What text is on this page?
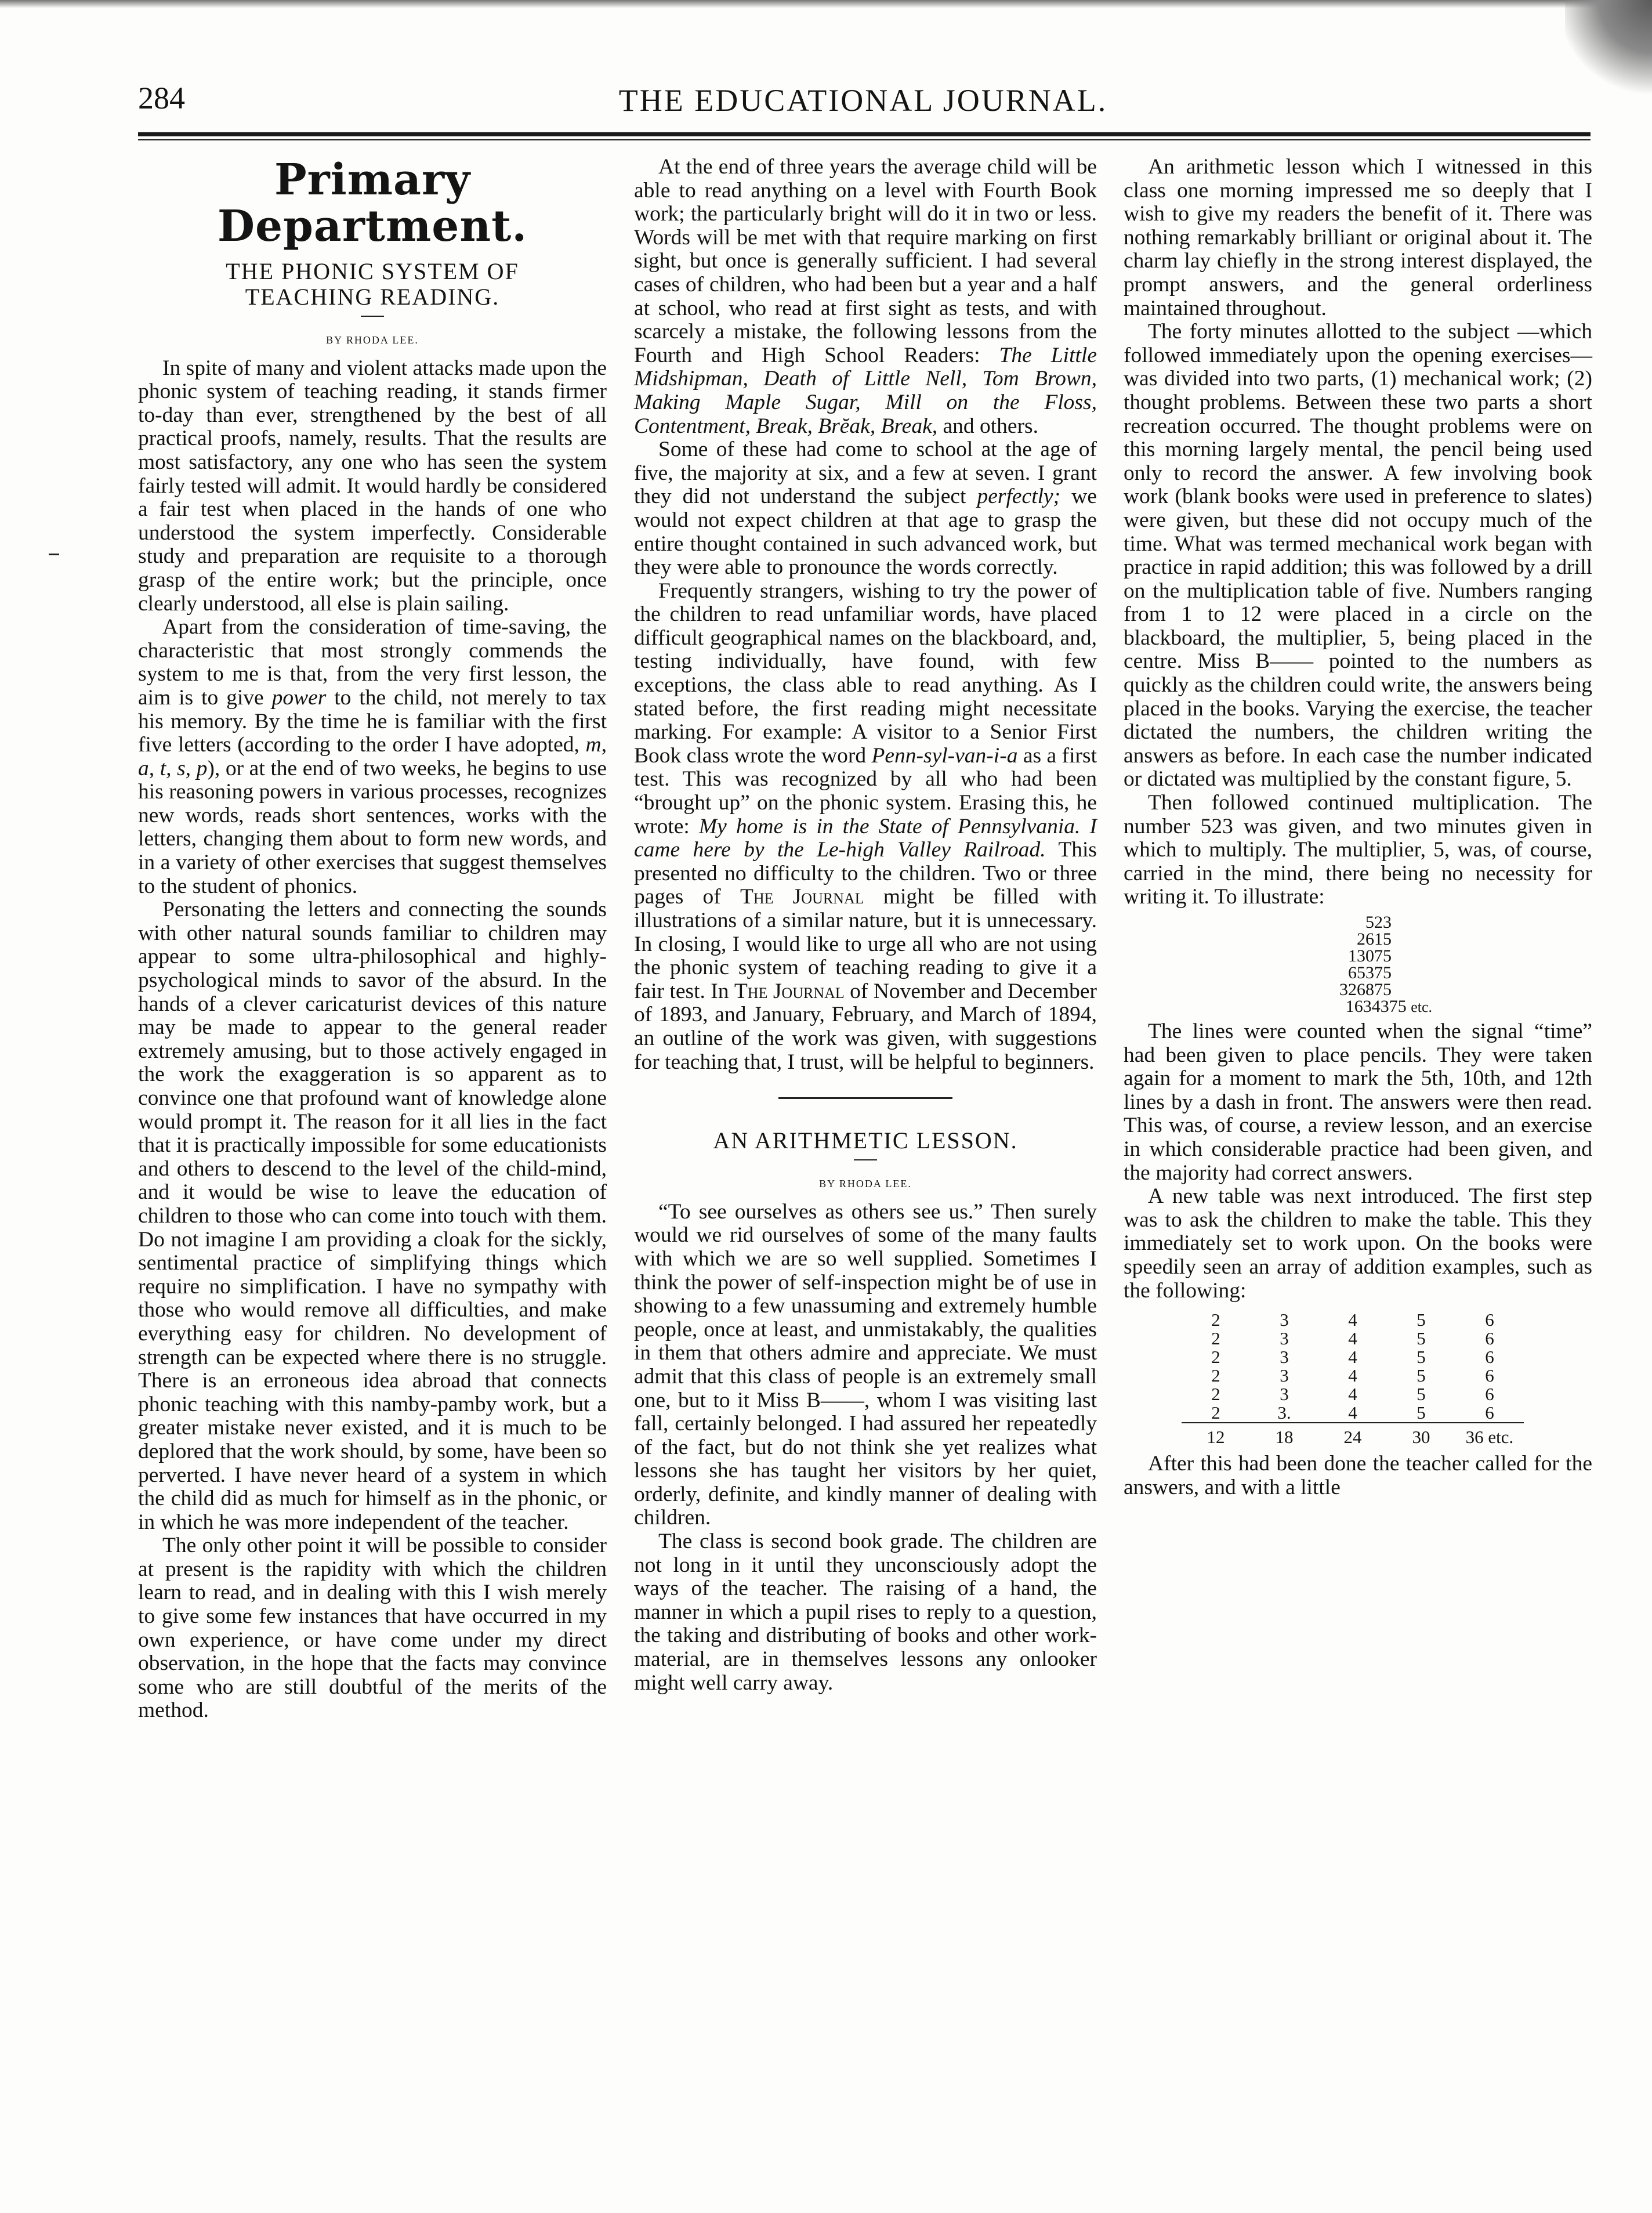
284	THE EDUCATIONAL JOURNAL.
Primary Department.
THE PHONIC SYSTEM OF
TEACHING READING.
BY RHODA LEE.

In spite of many and violent attacks made upon the phonic system of teaching reading, it stands firmer to-day than ever, strengthened by the best of all practical proofs, namely, results. That the results are most satisfactory, any one who has seen the system fairly tested will admit. It would hardly be considered a fair test when placed in the hands of one who understood the system imperfectly. Considerable study and preparation are requisite to a thorough grasp of the entire work; but the principle, once clearly understood, all else is plain sailing.

Apart from the consideration of time-saving, the characteristic that most strongly commends the system to me is that, from the very first lesson, the aim is to give power to the child, not merely to tax his memory. By the time he is familiar with the first five letters (according to the order I have adopted, m, a, t, s, p), or at the end of two weeks, he begins to use his reasoning powers in various processes, recognizes new words, reads short sentences, works with the letters, changing them about to form new words, and in a variety of other exercises that suggest themselves to the student of phonics.

Personating the letters and connecting the sounds with other natural sounds familiar to children may appear to some ultra-philosophical and highly-psychological minds to savor of the absurd. In the hands of a clever caricaturist devices of this nature may be made to appear to the general reader extremely amusing, but to those actively engaged in the work the exaggeration is so apparent as to convince one that profound want of knowledge alone would prompt it. The reason for it all lies in the fact that it is practically impossible for some educationists and others to descend to the level of the child-mind, and it would be wise to leave the education of children to those who can come into touch with them. Do not imagine I am providing a cloak for the sickly, sentimental practice of simplifying things which require no simplification. I have no sympathy with those who would remove all difficulties, and make everything easy for children. No development of strength can be expected where there is no struggle. There is an erroneous idea abroad that connects phonic teaching with this namby-pamby work, but a greater mistake never existed, and it is much to be deplored that the work should, by some, have been so perverted. I have never heard of a system in which the child did as much for himself as in the phonic, or in which he was more independent of the teacher.

The only other point it will be possible to consider at present is the rapidity with which the children learn to read, and in dealing with this I wish merely to give some few instances that have occurred in my own experience, or have come under my direct observation, in the hope that the facts may convince some who are still doubtful of the merits of the method.

At the end of three years the average child will be able to read anything on a level with Fourth Book work; the particularly bright will do it in two or less. Words will be met with that require marking on first sight, but once is generally sufficient. I had several cases of children, who had been but a year and a half at school, who read at first sight as tests, and with scarcely a mistake, the following lessons from the Fourth and High School Readers: The Little Midshipman, Death of Little Nell, Tom Brown, Making Maple Sugar, Mill on the Floss, Contentment, Break, Brĕak, Break, and others.

Some of these had come to school at the age of five, the majority at six, and a few at seven. I grant they did not understand the subject perfectly; we would not expect children at that age to grasp the entire thought contained in such advanced work, but they were able to pronounce the words correctly.

Frequently strangers, wishing to try the power of the children to read unfamiliar words, have placed difficult geographical names on the blackboard, and, testing individually, have found, with few exceptions, the class able to read anything. As I stated before, the first reading might necessitate marking. For example: A visitor to a Senior First Book class wrote the word Penn-syl-van-i-a as a first test. This was recognized by all who had been “brought up” on the phonic system. Erasing this, he wrote: My home is in the State of Pennsylvania. I came here by the Le-high Valley Railroad. This presented no difficulty to the children. Two or three pages of The Journal might be filled with illustrations of a similar nature, but it is unnecessary. In closing, I would like to urge all who are not using the phonic system of teaching reading to give it a fair test. In The Journal of November and December of 1893, and January, February, and March of 1894, an outline of the work was given, with suggestions for teaching that, I trust, will be helpful to beginners.

AN ARITHMETIC LESSON.
BY RHODA LEE.

“To see ourselves as others see us.” Then surely would we rid ourselves of some of the many faults with which we are so well supplied. Sometimes I think the power of self-inspection might be of use in showing to a few unassuming and extremely humble people, once at least, and unmistakably, the qualities in them that others admire and appreciate. We must admit that this class of people is an extremely small one, but to it Miss B——, whom I was visiting last fall, certainly belonged. I had assured her repeatedly of the fact, but do not think she yet realizes what lessons she has taught her visitors by her quiet, orderly, definite, and kindly manner of dealing with children.

The class is second book grade. The children are not long in it until they unconsciously adopt the ways of the teacher. The raising of a hand, the manner in which a pupil rises to reply to a question, the taking and distributing of books and other work-material, are in themselves lessons any onlooker might well carry away.

An arithmetic lesson which I witnessed in this class one morning impressed me so deeply that I wish to give my readers the benefit of it. There was nothing remarkably brilliant or original about it. The charm lay chiefly in the strong interest displayed, the prompt answers, and the general orderliness maintained throughout.

The forty minutes allotted to the subject —which followed immediately upon the opening exercises—was divided into two parts, (1) mechanical work; (2) thought problems. Between these two parts a short recreation occurred. The thought problems were on this morning largely mental, the pencil being used only to record the answer. A few involving book work (blank books were used in preference to slates) were given, but these did not occupy much of the time. What was termed mechanical work began with practice in rapid addition; this was followed by a drill on the multiplication table of five. Numbers ranging from 1 to 12 were placed in a circle on the blackboard, the multiplier, 5, being placed in the centre. Miss B—— pointed to the numbers as quickly as the children could write, the answers being placed in the books. Varying the exercise, the teacher dictated the numbers, the children writing the answers as before. In each case the number indicated or dictated was multiplied by the constant figure, 5.

Then followed continued multiplication. The number 523 was given, and two minutes given in which to multiply. The multiplier, 5, was, of course, carried in the mind, there being no necessity for writing it. To illustrate:

523
2615
13075
65375
326875
1634375 etc.

The lines were counted when the signal “time” had been given to place pencils. They were taken again for a moment to mark the 5th, 10th, and 12th lines by a dash in front. The answers were then read. This was, of course, a review lesson, and an exercise in which considerable practice had been given, and the majority had correct answers.

A new table was next introduced. The first step was to ask the children to make the table. This they immediately set to work upon. On the books were speedily seen an array of addition examples, such as the following:

2	3	4	5	6
2	3	4	5	6
2	3	4	5	6
2	3	4	5	6
2	3	4	5	6
2	3.	4	5	6
12	18	24	30	36 etc.

After this had been done the teacher called for the answers, and with a little
